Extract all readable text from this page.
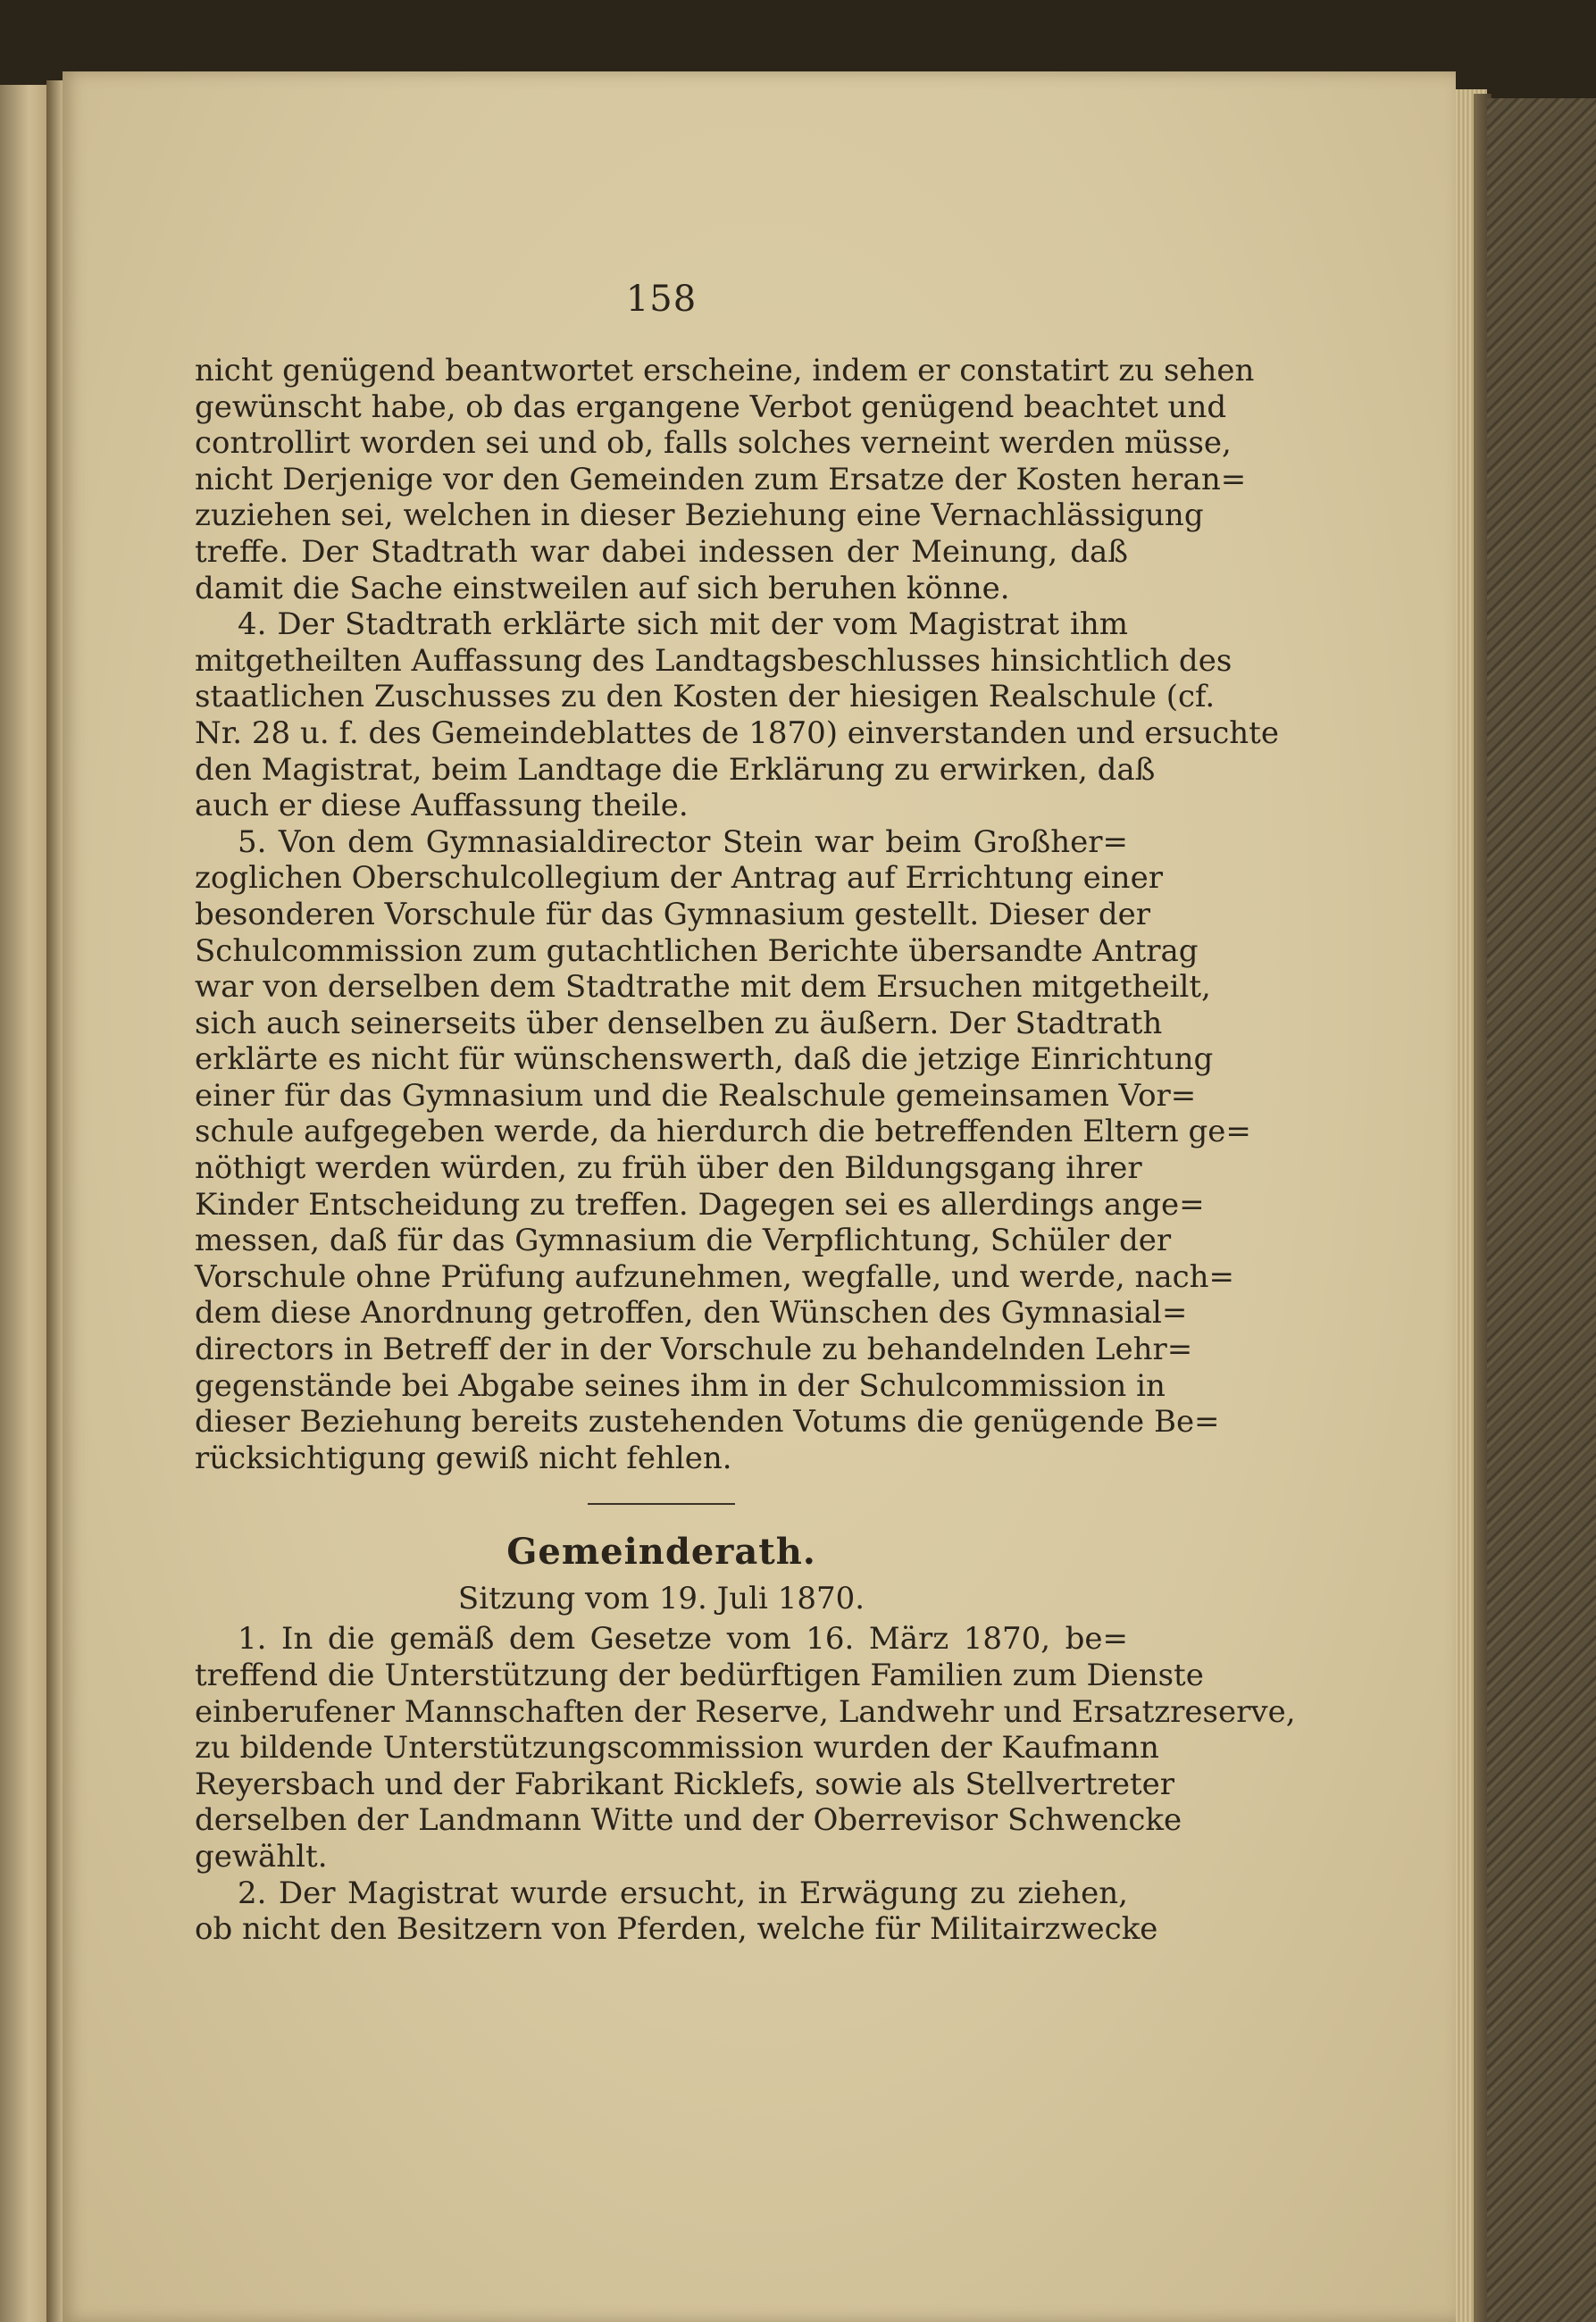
158
nicht genügend beantwortet erscheine, indem er constatirt zu sehen
gewünscht habe, ob das ergangene Verbot genügend beachtet und
controllirt worden sei und ob, falls solches verneint werden müsse,
nicht Derjenige vor den Gemeinden zum Ersatze der Kosten heran=
zuziehen sei, welchen in dieser Beziehung eine Vernachlässigung
treffe. Der Stadtrath war dabei indessen der Meinung, daß
damit die Sache einstweilen auf sich beruhen könne.
4. Der Stadtrath erklärte sich mit der vom Magistrat ihm
mitgetheilten Auffassung des Landtagsbeschlusses hinsichtlich des
staatlichen Zuschusses zu den Kosten der hiesigen Realschule (cf.
Nr. 28 u. f. des Gemeindeblattes de 1870) einverstanden und ersuchte
den Magistrat, beim Landtage die Erklärung zu erwirken, daß
auch er diese Auffassung theile.
5. Von dem Gymnasialdirector Stein war beim Großher=
zoglichen Oberschulcollegium der Antrag auf Errichtung einer
besonderen Vorschule für das Gymnasium gestellt. Dieser der
Schulcommission zum gutachtlichen Berichte übersandte Antrag
war von derselben dem Stadtrathe mit dem Ersuchen mitgetheilt,
sich auch seinerseits über denselben zu äußern. Der Stadtrath
erklärte es nicht für wünschenswerth, daß die jetzige Einrichtung
einer für das Gymnasium und die Realschule gemeinsamen Vor=
schule aufgegeben werde, da hierdurch die betreffenden Eltern ge=
nöthigt werden würden, zu früh über den Bildungsgang ihrer
Kinder Entscheidung zu treffen. Dagegen sei es allerdings ange=
messen, daß für das Gymnasium die Verpflichtung, Schüler der
Vorschule ohne Prüfung aufzunehmen, wegfalle, und werde, nach=
dem diese Anordnung getroffen, den Wünschen des Gymnasial=
directors in Betreff der in der Vorschule zu behandelnden Lehr=
gegenstände bei Abgabe seines ihm in der Schulcommission in
dieser Beziehung bereits zustehenden Votums die genügende Be=
rücksichtigung gewiß nicht fehlen.
Gemeinderath.
Sitzung vom 19. Juli 1870.
1. In die gemäß dem Gesetze vom 16. März 1870, be=
treffend die Unterstützung der bedürftigen Familien zum Dienste
einberufener Mannschaften der Reserve, Landwehr und Ersatzreserve,
zu bildende Unterstützungscommission wurden der Kaufmann
Reyersbach und der Fabrikant Ricklefs, sowie als Stellvertreter
derselben der Landmann Witte und der Oberrevisor Schwencke
gewählt.
2. Der Magistrat wurde ersucht, in Erwägung zu ziehen,
ob nicht den Besitzern von Pferden, welche für Militairzwecke
